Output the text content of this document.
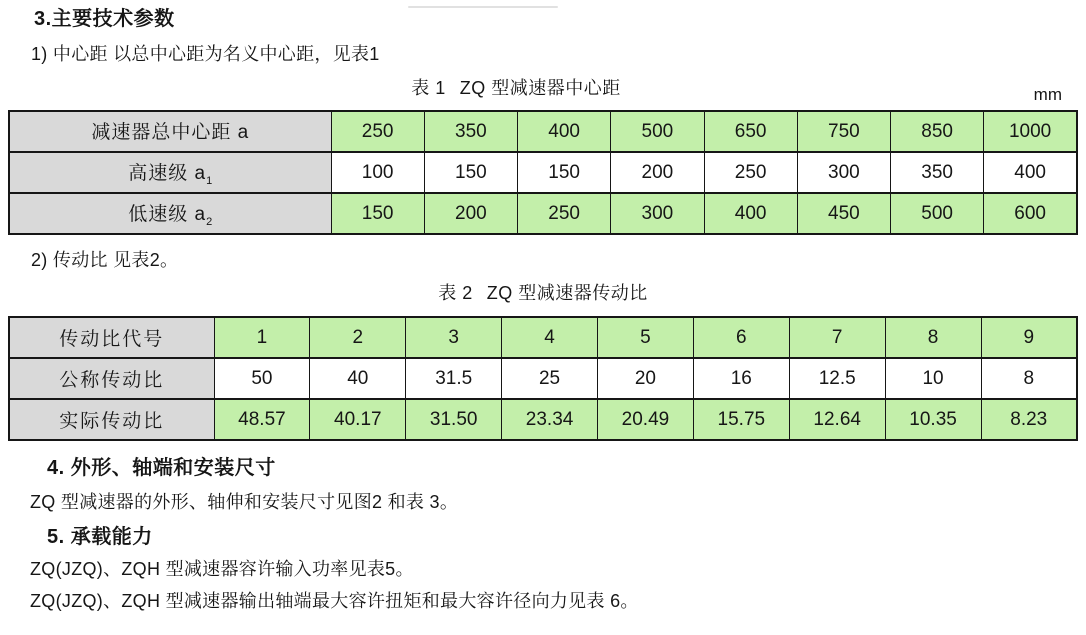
3.主要技术参数
1) 中心距 以总中心距为名义中心距，见表1
表 1 ZQ 型减速器中心距	mm
减速器总中心距 a	250	350	400	500	650	750	850	1000
高速级 $a_1$	100	150	150	200	250	300	350	400
低速级 $a_2$	150	200	250	300	400	450	500	600
2) 传动比 见表2。
表 2 ZQ 型减速器传动比
传动比代号	1	2	3	4	5	6	7	8	9
公称传动比	50	40	31.5	25	20	16	12.5	10	8
实际传动比	48.57	40.17	31.50	23.34	20.49	15.75	12.64	10.35	8.23
4. 外形、轴端和安装尺寸
ZQ 型减速器的外形、轴伸和安装尺寸见图2 和表 3。
5. 承载能力
ZQ(JZQ)、ZQH 型减速器容许输入功率见表5。
ZQ(JZQ)、ZQH 型减速器输出轴端最大容许扭矩和最大容许径向力见表 6。
